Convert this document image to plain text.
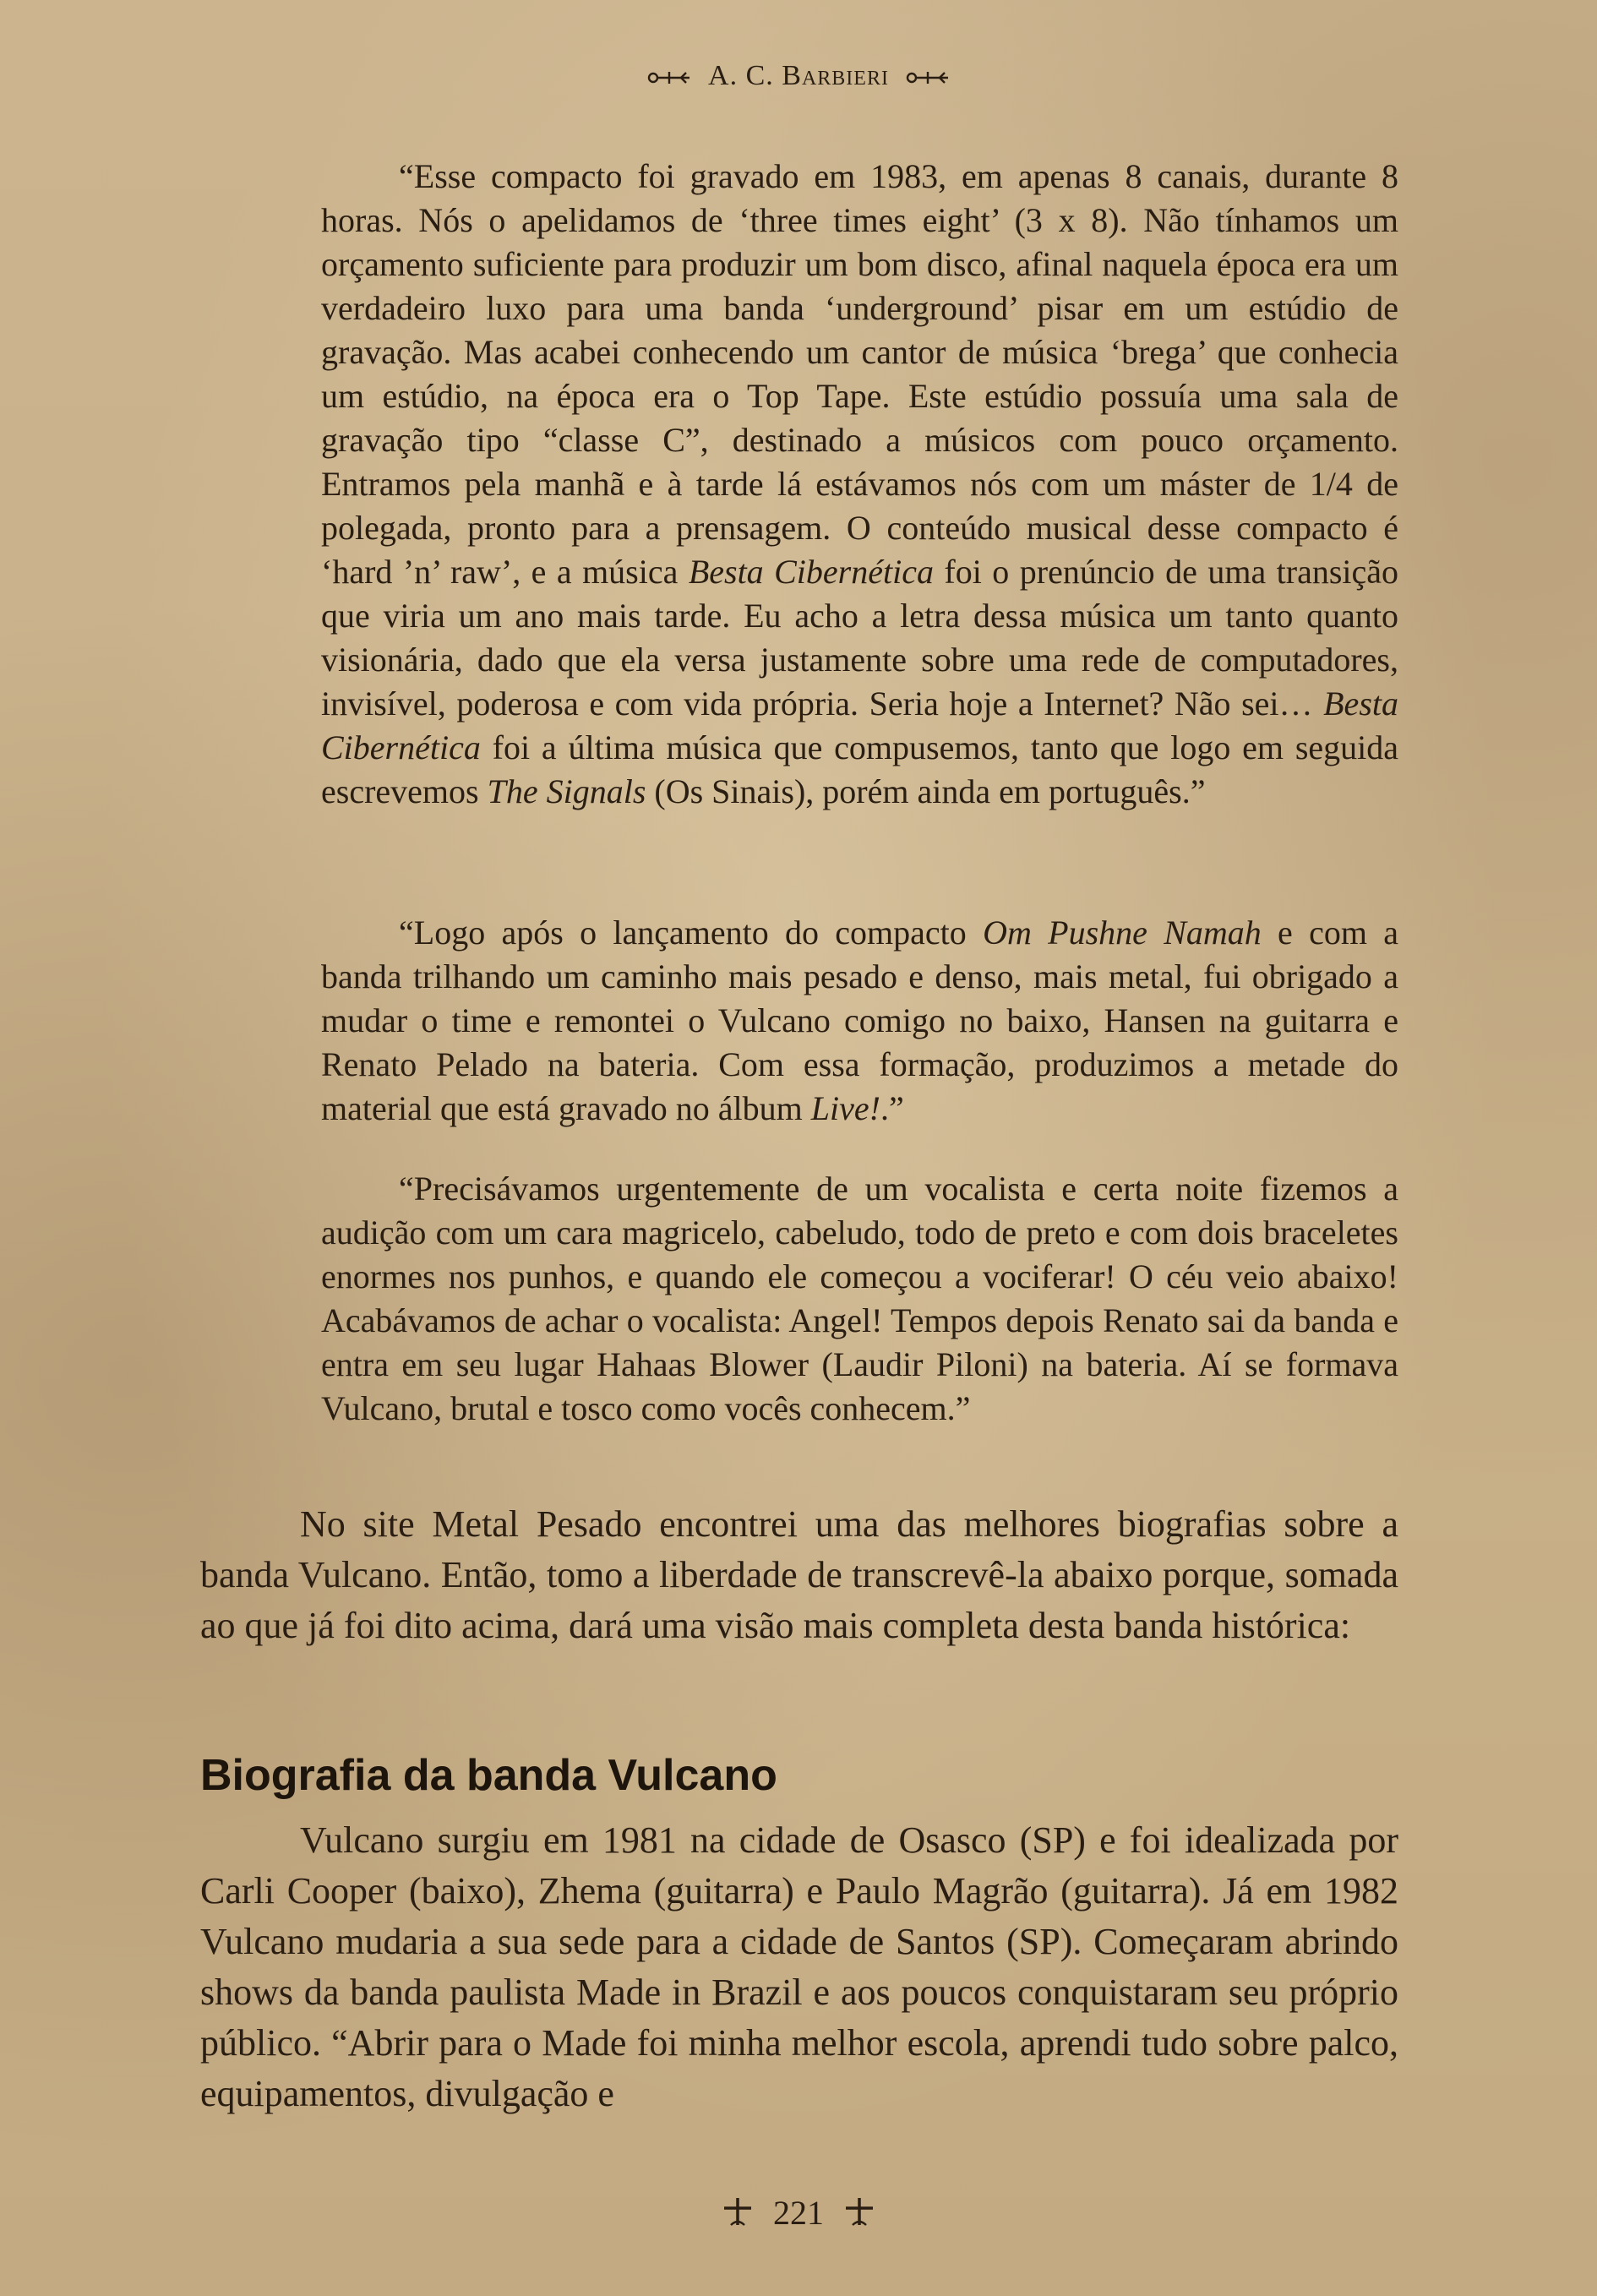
A. C. Barbieri

“Esse compacto foi gravado em 1983, em apenas 8 canais, durante 8 horas. Nós o apelidamos de ‘three times eight’ (3 x 8). Não tínhamos um orçamento suficiente para produzir um bom disco, afinal naquela época era um verdadeiro luxo para uma banda ‘underground’ pisar em um estúdio de gravação. Mas acabei conhecendo um cantor de música ‘brega’ que conhecia um estúdio, na época era o Top Tape. Este estúdio possuía uma sala de gravação tipo “classe C”, destinado a músicos com pouco orçamento. Entramos pela manhã e à tarde lá estávamos nós com um máster de 1/4 de polegada, pronto para a prensagem. O conteúdo musical desse compacto é ‘hard ’n’ raw’, e a música Besta Cibernética foi o prenúncio de uma transição que viria um ano mais tarde. Eu acho a letra dessa música um tanto quanto visionária, dado que ela versa justamente sobre uma rede de computadores, invisível, poderosa e com vida própria. Seria hoje a Internet? Não sei… Besta Cibernética foi a última música que compusemos, tanto que logo em seguida escrevemos The Signals (Os Sinais), porém ainda em português.”

“Logo após o lançamento do compacto Om Pushne Namah e com a banda trilhando um caminho mais pesado e denso, mais metal, fui obrigado a mudar o time e remontei o Vulcano comigo no baixo, Hansen na guitarra e Renato Pelado na bateria. Com essa formação, produzimos a metade do material que está gravado no álbum Live!.”

“Precisávamos urgentemente de um vocalista e certa noite fizemos a audição com um cara magricelo, cabeludo, todo de preto e com dois braceletes enormes nos punhos, e quando ele começou a vociferar! O céu veio abaixo! Acabávamos de achar o vocalista: Angel! Tempos depois Renato sai da banda e entra em seu lugar Hahaas Blower (Laudir Piloni) na bateria. Aí se formava Vulcano, brutal e tosco como vocês conhecem.”

No site Metal Pesado encontrei uma das melhores biografias sobre a banda Vulcano. Então, tomo a liberdade de transcrevê-la abaixo porque, somada ao que já foi dito acima, dará uma visão mais completa desta banda histórica:

Biografia da banda Vulcano

Vulcano surgiu em 1981 na cidade de Osasco (SP) e foi idealizada por Carli Cooper (baixo), Zhema (guitarra) e Paulo Magrão (guitarra). Já em 1982 Vulcano mudaria a sua sede para a cidade de Santos (SP). Começaram abrindo shows da banda paulista Made in Brazil e aos poucos conquistaram seu próprio público. “Abrir para o Made foi minha melhor escola, aprendi tudo sobre palco, equipamentos, divulgação e

221
